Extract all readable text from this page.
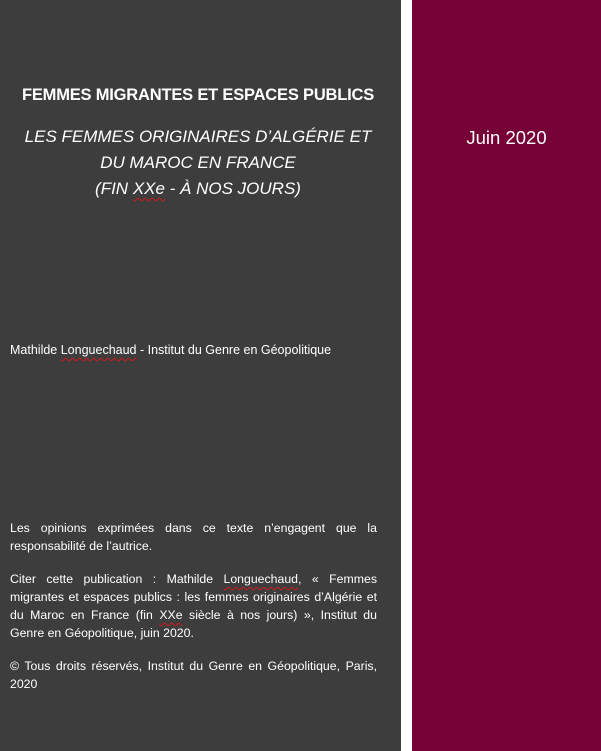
FEMMES MIGRANTES ET ESPACES PUBLICS
LES FEMMES ORIGINAIRES D’ALGÉRIE ET
DU MAROC EN FRANCE
(FIN XXe - À NOS JOURS)
Mathilde Longuechaud - Institut du Genre en Géopolitique

Les opinions exprimées dans ce texte n’engagent que la responsabilité de l’autrice.

Citer cette publication : Mathilde Longuechaud, « Femmes migrantes et espaces publics : les femmes originaires d’Algérie et du Maroc en France (fin XXe siècle à nos jours) », Institut du Genre en Géopolitique, juin 2020.

© Tous droits réservés, Institut du Genre en Géopolitique, Paris, 2020

Juin 2020
